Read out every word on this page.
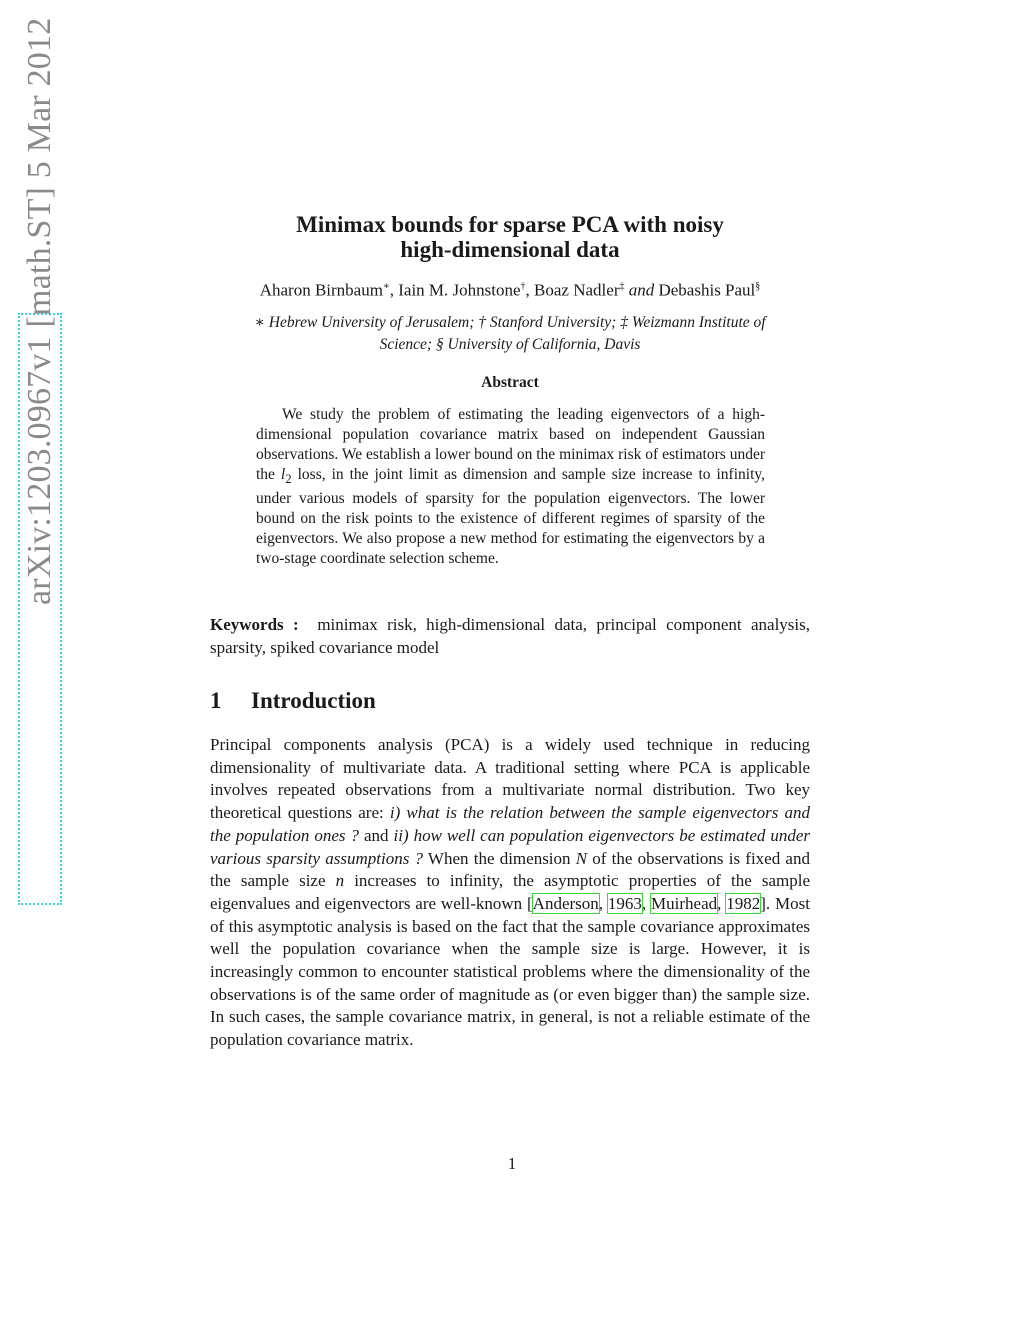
arXiv:1203.0967v1 [math.ST] 5 Mar 2012	Minimax bounds for sparse PCA with noisy
high-dimensional data
Aharon Birnbaum∗, Iain M. Johnstone†, Boaz Nadler‡ and Debashis Paul§
∗ Hebrew University of Jerusalem; † Stanford University; ‡ Weizmann Institute of
Science; § University of California, Davis
Abstract

We study the problem of estimating the leading eigenvectors of a high-dimensional population covariance matrix based on independent Gaussian observations. We establish a lower bound on the minimax risk of estimators under the $l_2$ loss, in the joint limit as dimension and sample size increase to infinity, under various models of sparsity for the population eigenvectors. The lower bound on the risk points to the existence of different regimes of sparsity of the eigenvectors. We also propose a new method for estimating the eigenvectors by a two-stage coordinate selection scheme.

Keywords : minimax risk, high-dimensional data, principal component analysis, sparsity, spiked covariance model

1 Introduction

Principal components analysis (PCA) is a widely used technique in reducing dimensionality of multivariate data. A traditional setting where PCA is applicable involves repeated observations from a multivariate normal distribution. Two key theoretical questions are: i) what is the relation between the sample eigenvectors and the population ones ? and ii) how well can population eigenvectors be estimated under various sparsity assumptions ? When the dimension N of the observations is fixed and the sample size n increases to infinity, the asymptotic properties of the sample eigenvalues and eigenvectors are well-known [Anderson, 1963, Muirhead, 1982]. Most of this asymptotic analysis is based on the fact that the sample covariance approximates well the population covariance when the sample size is large. However, it is increasingly common to encounter statistical problems where the dimensionality of the observations is of the same order of magnitude as (or even bigger than) the sample size. In such cases, the sample covariance matrix, in general, is not a reliable estimate of the population covariance matrix.

1
